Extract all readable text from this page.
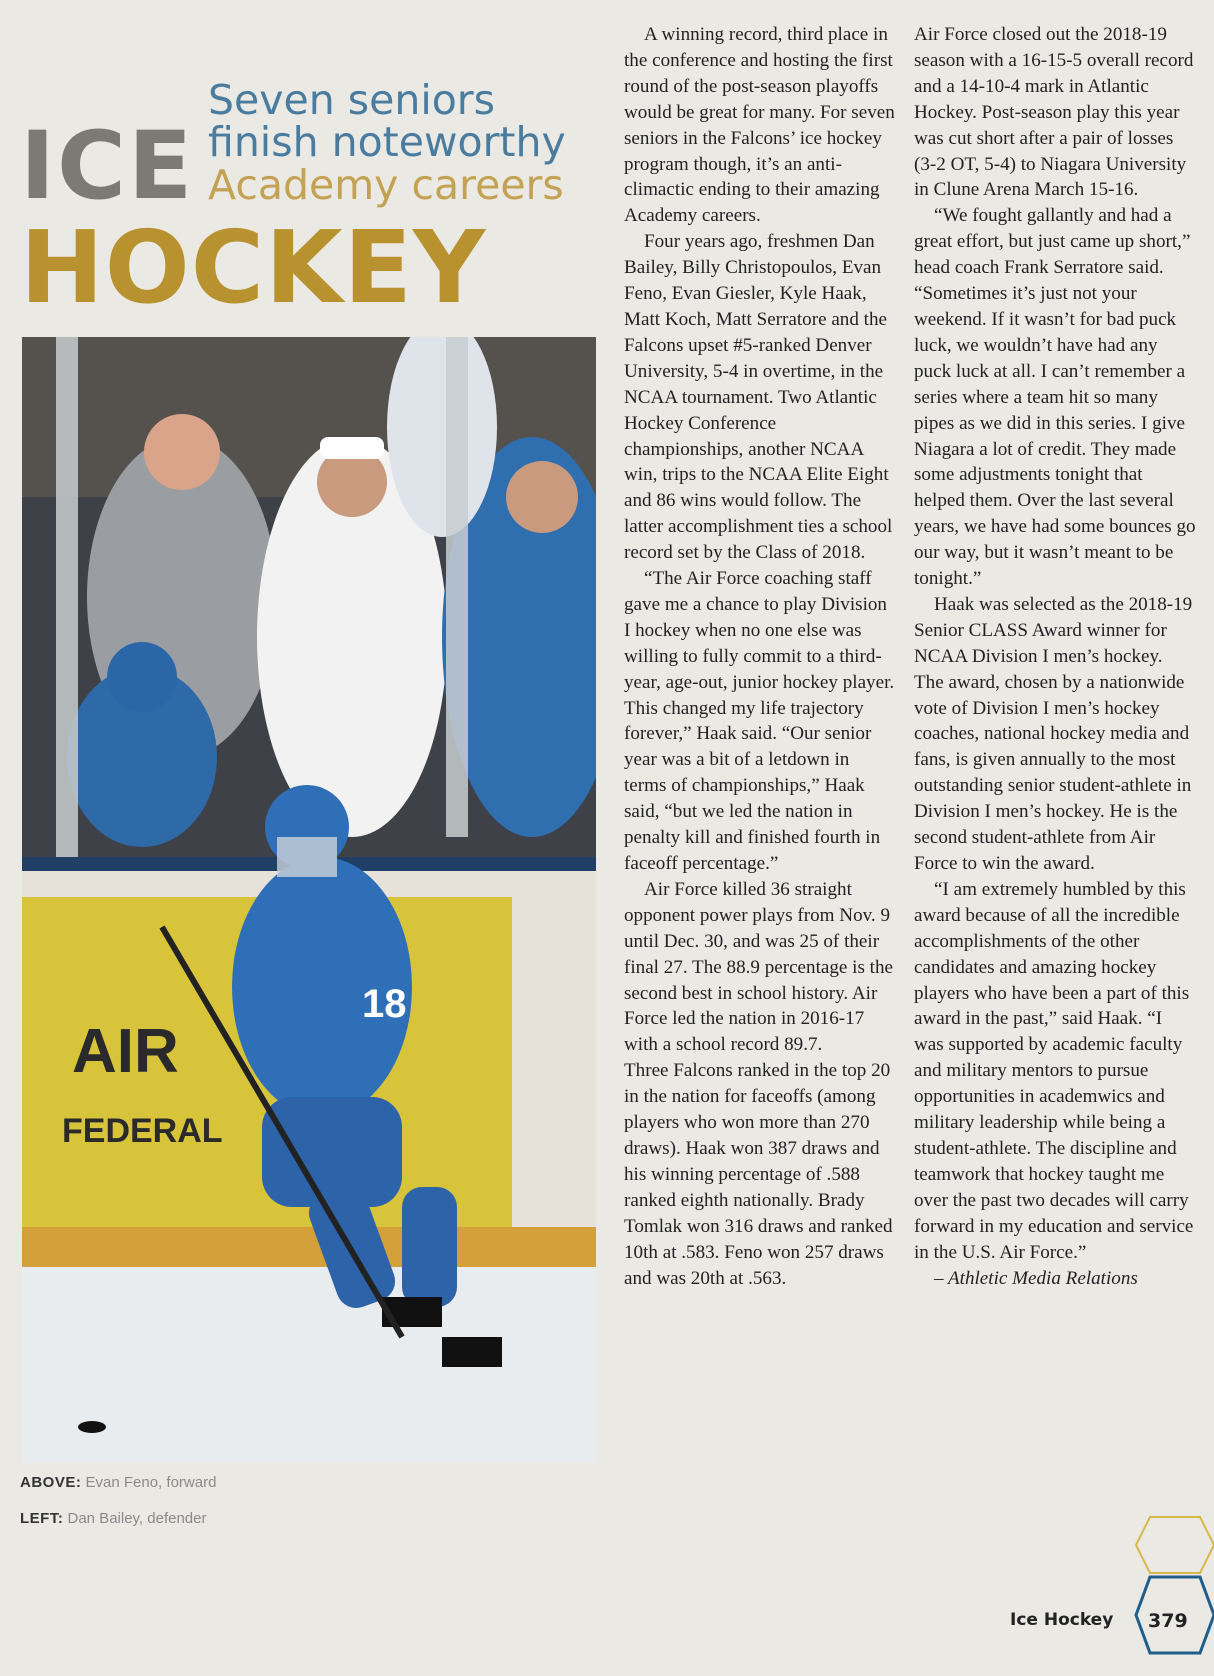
ICE
HOCKEY
Seven seniors
finish noteworthy
Academy careers
AIR
FEDERAL
18
ABOVE: Evan Feno, forward
LEFT: Dan Bailey, defender

A winning record, third place in the conference and hosting the first round of the post-season playoffs would be great for many. For seven seniors in the Falcons’ ice hockey program though, it’s an anti-climactic ending to their amazing Academy careers.

Four years ago, freshmen Dan Bailey, Billy Christopoulos, Evan Feno, Evan Giesler, Kyle Haak, Matt Koch, Matt Serratore and the Falcons upset #5-ranked Denver University, 5-4 in overtime, in the NCAA tournament. Two Atlantic Hockey Conference championships, another NCAA win, trips to the NCAA Elite Eight and 86 wins would follow. The latter accomplishment ties a school record set by the Class of 2018.

“The Air Force coaching staff gave me a chance to play Division I hockey when no one else was willing to fully commit to a third-year, age-out, junior hockey player. This changed my life trajectory forever,” Haak said. “Our senior year was a bit of a letdown in terms of championships,” Haak said, “but we led the nation in penalty kill and finished fourth in faceoff percentage.”

Air Force killed 36 straight opponent power plays from Nov. 9 until Dec. 30, and was 25 of their final 27. The 88.9 percentage is the second best in school history. Air Force led the nation in 2016-17 with a school record 89.7.

Three Falcons ranked in the top 20 in the nation for faceoffs (among players who won more than 270 draws). Haak won 387 draws and his winning percentage of .588 ranked eighth nationally. Brady Tomlak won 316 draws and ranked 10th at .583. Feno won 257 draws and was 20th at .563.

Air Force closed out the 2018-19 season with a 16-15-5 overall record and a 14-10-4 mark in Atlantic Hockey. Post-season play this year was cut short after a pair of losses (3-2 OT, 5-4) to Niagara University in Clune Arena March 15-16.

“We fought gallantly and had a great effort, but just came up short,” head coach Frank Serratore said. “Sometimes it’s just not your weekend. If it wasn’t for bad puck luck, we wouldn’t have had any puck luck at all. I can’t remember a series where a team hit so many pipes as we did in this series. I give Niagara a lot of credit. They made some adjustments tonight that helped them. Over the last several years, we have had some bounces go our way, but it wasn’t meant to be tonight.”

Haak was selected as the 2018-19 Senior CLASS Award winner for NCAA Division I men’s hockey. The award, chosen by a nationwide vote of Division I men’s hockey coaches, national hockey media and fans, is given annually to the most outstanding senior student-athlete in Division I men’s hockey. He is the second student-athlete from Air Force to win the award.

“I am extremely humbled by this award because of all the incredible accomplishments of the other candidates and amazing hockey players who have been a part of this award in the past,” said Haak. “I was supported by academic faculty and military mentors to pursue opportunities in academwics and military leadership while being a student-athlete. The discipline and teamwork that hockey taught me over the past two decades will carry forward in my education and service in the U.S. Air Force.”

– Athletic Media Relations

Ice Hockey 379
